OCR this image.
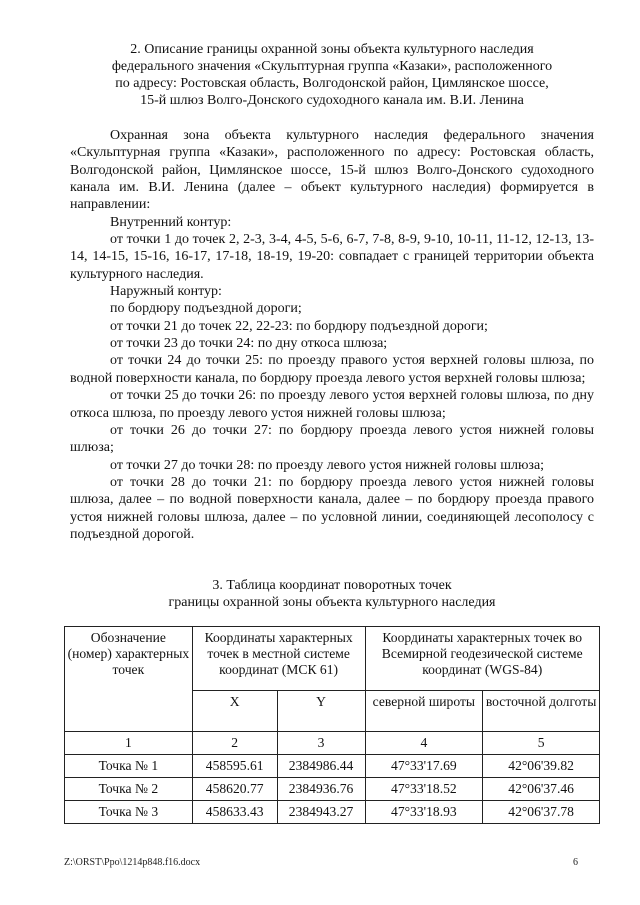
2. Описание границы охранной зоны объекта культурного наследия
федерального значения «Скульптурная группа «Казаки», расположенного
по адресу: Ростовская область, Волгодонской район, Цимлянское шоссе,
15-й шлюз Волго-Донского судоходного канала им. В.И. Ленина

Охранная зона объекта культурного наследия федерального значения «Скульптурная группа «Казаки», расположенного по адресу: Ростовская область, Волгодонской район, Цимлянское шоссе, 15-й шлюз Волго-Донского судоходного канала им. В.И. Ленина (далее – объект культурного наследия) формируется в направлении:

Внутренний контур:

от точки 1 до точек 2, 2-3, 3-4, 4-5, 5-6, 6-7, 7-8, 8-9, 9-10, 10-11, 11-12, 12-13, 13-14, 14-15, 15-16, 16-17, 17-18, 18-19, 19-20: совпадает с границей территории объекта культурного наследия.

Наружный контур:

по бордюру подъездной дороги;

от точки 21 до точек 22, 22-23: по бордюру подъездной дороги;

от точки 23 до точки 24: по дну откоса шлюза;

от точки 24 до точки 25: по проезду правого устоя верхней головы шлюза, по водной поверхности канала, по бордюру проезда левого устоя верхней головы шлюза;

от точки 25 до точки 26: по проезду левого устоя верхней головы шлюза, по дну откоса шлюза, по проезду левого устоя нижней головы шлюза;

от точки 26 до точки 27: по бордюру проезда левого устоя нижней головы шлюза;

от точки 27 до точки 28: по проезду левого устоя нижней головы шлюза;

от точки 28 до точки 21: по бордюру проезда левого устоя нижней головы шлюза, далее – по водной поверхности канала, далее – по бордюру проезда правого устоя нижней головы шлюза, далее – по условной линии, соединяющей лесополосу с подъездной дорогой.

3. Таблица координат поворотных точек
границы охранной зоны объекта культурного наследия
Обозначение (номер) характерных точек	Координаты характерных точек в местной системе координат (МСК 61)		Координаты характерных точек во Всемирной геодезической системе координат (WGS-84)	
	X	Y	северной широты	восточной долготы
1	2	3	4	5
Точка № 1	458595.61	2384986.44	47°33'17.69	42°06'39.82
Точка № 2	458620.77	2384936.76	47°33'18.52	42°06'37.46
Точка № 3	458633.43	2384943.27	47°33'18.93	42°06'37.78
Z:\ORST\Ppo\1214p848.f16.docx	6
